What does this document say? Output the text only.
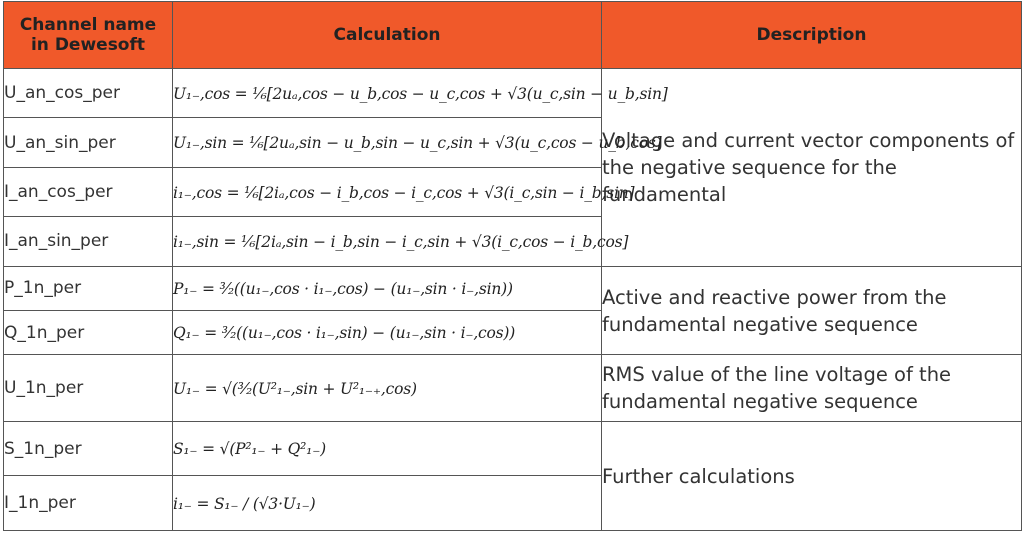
Channel name in Dewesoft	Calculation	Description
U_an_cos_per	U₁₋,cos = ¹⁄₆[2uₐ,cos − u_b,cos − u_c,cos + √3(u_c,sin − u_b,sin]	Voltage and current vector components of the negative sequence for the fundamental
U_an_sin_per	U₁₋,sin = ¹⁄₆[2uₐ,sin − u_b,sin − u_c,sin + √3(u_c,cos − u_b,cos]	
I_an_cos_per	i₁₋,cos = ¹⁄₆[2iₐ,cos − i_b,cos − i_c,cos + √3(i_c,sin − i_b,sin]	
I_an_sin_per	i₁₋,sin = ¹⁄₆[2iₐ,sin − i_b,sin − i_c,sin + √3(i_c,cos − i_b,cos]	
P_1n_per	P₁₋ = ³⁄₂((u₁₋,cos · i₁₋,cos) − (u₁₋,sin · i₋,sin))	Active and reactive power from the fundamental negative sequence
Q_1n_per	Q₁₋ = ³⁄₂((u₁₋,cos · i₁₋,sin) − (u₁₋,sin · i₋,cos))	
U_1n_per	U₁₋ = √(³⁄₂(U²₁₋,sin + U²₁₋₊,cos)	RMS value of the line voltage of the fundamental negative sequence
S_1n_per	S₁₋ = √(P²₁₋ + Q²₁₋)	Further calculations
I_1n_per	i₁₋ = S₁₋ / (√3·U₁₋)	
